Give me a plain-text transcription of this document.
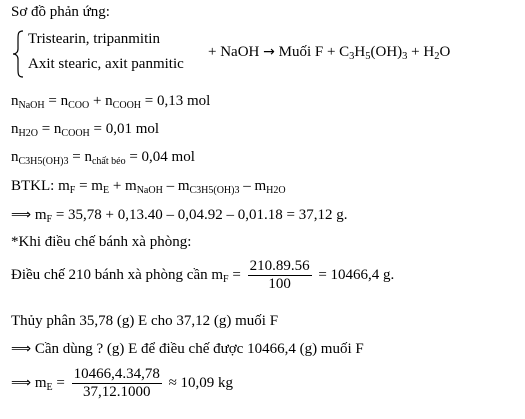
Sơ đồ phản ứng:
Tristearin, tripanmitin
Axit stearic, axit panmitic
+ NaOH → Muối $F + C_3H_5(OH)_3 + H_2O$
$n_{NaOH} = n_{COO} + n_{COOH} = 0,13$ mol
$n_{H2O} = n_{COOH} = 0,01$ mol
$n_{C3H5(OH)3} = n_{chất béo} = 0,04$ mol
BTKL: $m_F = m_E + m_{NaOH} - m_{C3H5(OH)3} - m_{H2O}$
⟹ $m_F = 35,78 + 0,13.40 - 0,04.92 - 0,01.18 = 37,12$ g.
*Khi điều chế bánh xà phòng:
Điều chế 210 bánh xà phòng cần $m_F = \frac{210.89.56}{100} = 10466,4$ g.
Thủy phân 35,78 (g) E cho 37,12 (g) muối F
⟹ Cần dùng ? (g) E để điều chế được 10466,4 (g) muối F
⟹ $m_E = \frac{10466,4.34,78}{37,12.1000} \approx 10,09$ kg
